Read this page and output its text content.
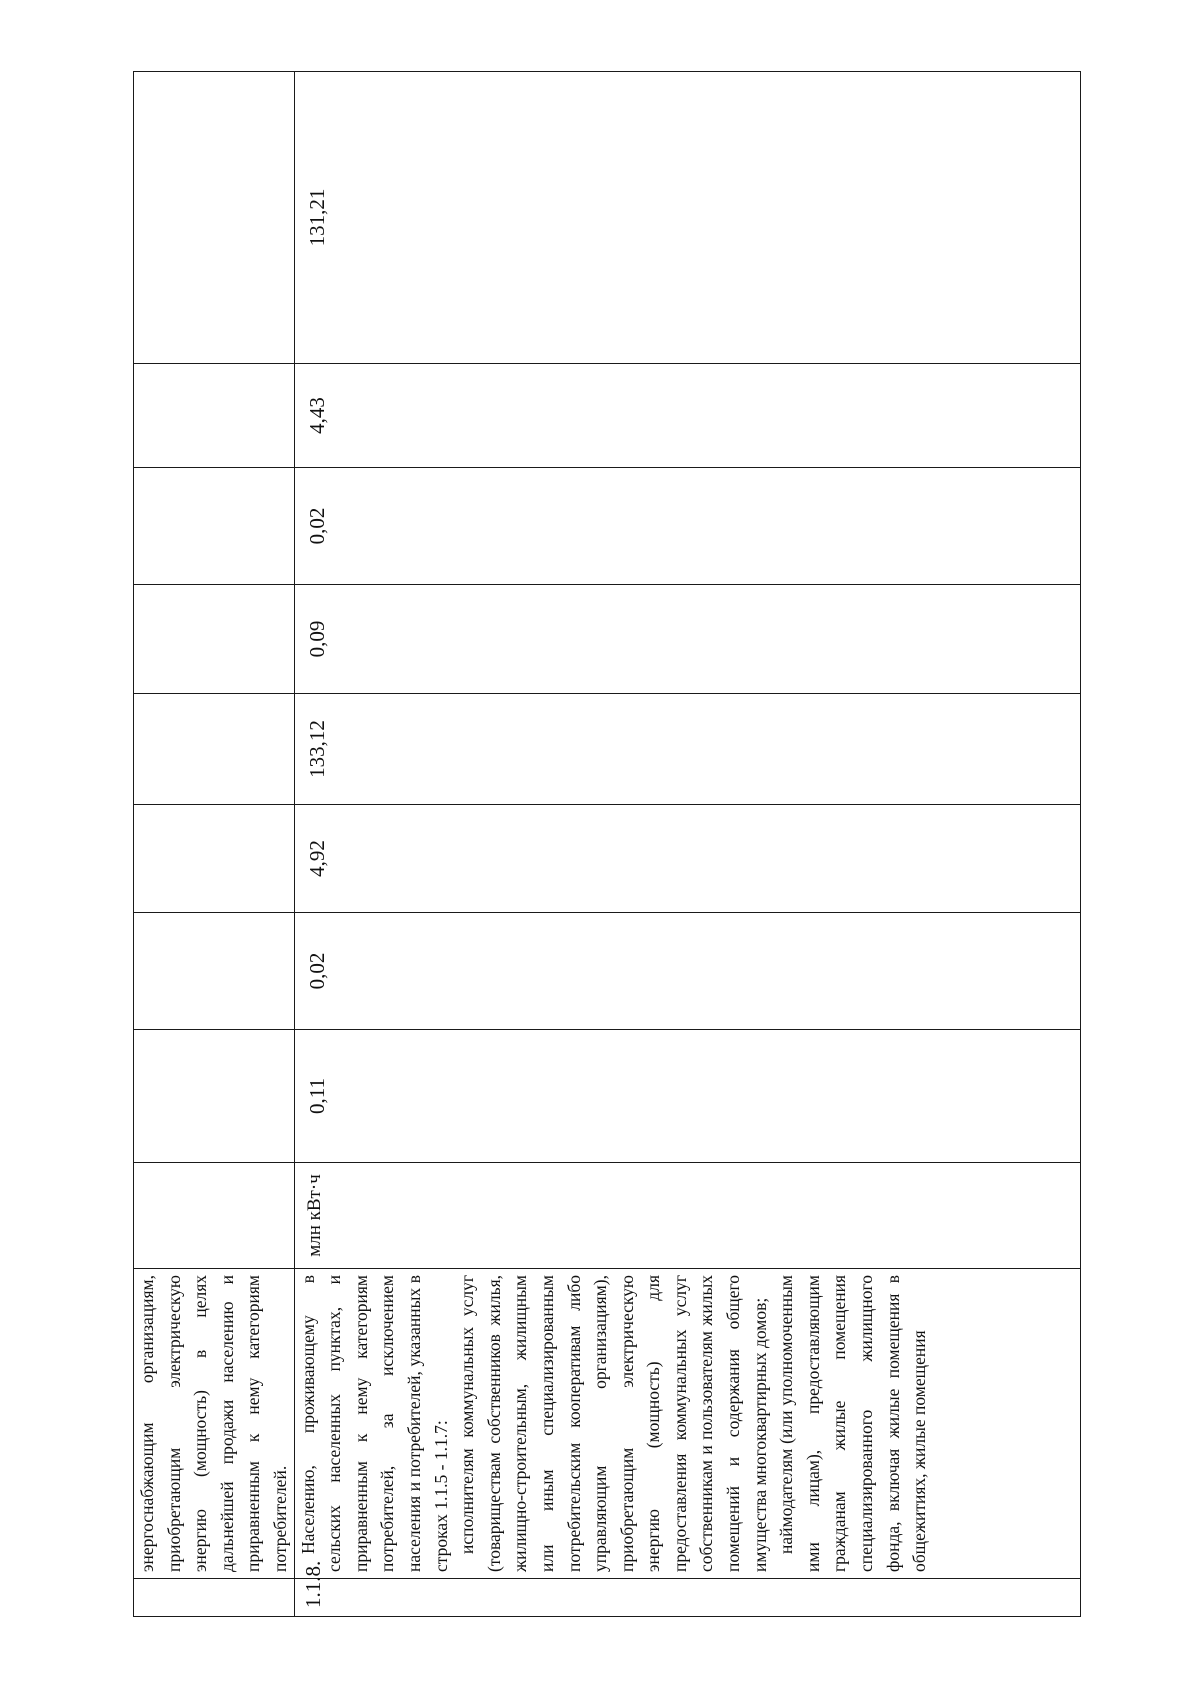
	энергоснабжающим организациям, приобретающим электрическую энергию (мощность) в целях дальнейшей продажи населению и приравненным к нему категориям потребителей.									

1.1.8.	Населению, проживающему в сельских населенных пунктах, и приравненным к нему категориям потребителей, за исключением населения и потребителей, указанных в строках 1.1.5 - 1.1.7: исполнителям коммунальных услуг (товариществам собственников жилья, жилищно-строительным, жилищным или иным специализированным потребительским кооперативам либо управляющим организациям), приобретающим электрическую энергию (мощность) для предоставления коммунальных услуг собственникам и пользователям жилых помещений и содержания общего имущества многоквартирных домов; наймодателям (или уполномоченным ими лицам), предоставляющим гражданам жилые помещения специализированного жилищного фонда, включая жилые помещения в общежитиях, жилые помещения	млн кВт·ч	0,11	0,02	4,92	133,12	0,09	0,02	4,43	131,21
